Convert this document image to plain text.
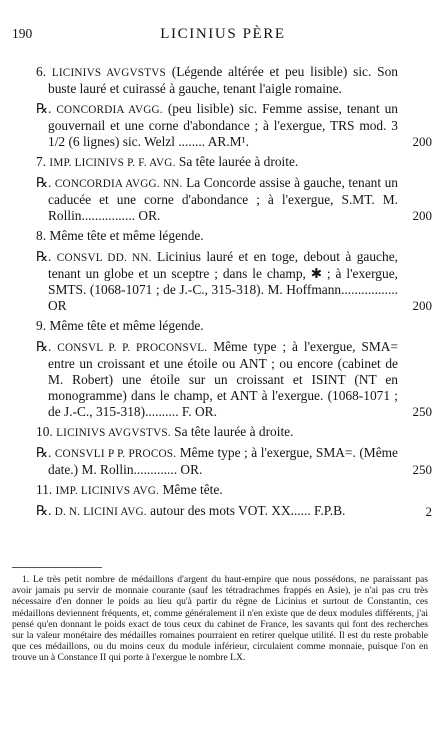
190	LICINIUS PÈRE
6. LICINIVS AVGVSTVS (Légende altérée et peu lisible) sic. Son buste lauré et cuirassé à gauche, tenant l'aigle romaine.
℞. CONCORDIA AVGG. (peu lisible) sic. Femme assise, tenant un gouvernail et une corne d'abondance ; à l'exergue, TRS mod. 3 1/2 (6 lignes) sic. Welzl ........ AR.M¹.	200
7. IMP. LICINIVS P. F. AVG. Sa tête laurée à droite.
℞. CONCORDIA AVGG. NN. La Concorde assise à gauche, tenant un caducée et une corne d'abondance ; à l'exergue, S.MT. M. Rollin................ OR.	200
8. Même tête et même légende.
℞. CONSVL DD. NN. Licinius lauré et en toge, debout à gauche, tenant un globe et un sceptre ; dans le champ, ✱ ; à l'exergue, SMTS. (1068-1071 ; de J.-C., 315-318). M. Hoffmann................. OR	200
9. Même tête et même légende.
℞. CONSVL P. P. PROCONSVL. Même type ; à l'exergue, SMA= entre un croissant et une étoile ou ANT ; ou encore (cabinet de M. Robert) une étoile sur un croissant et ISINT (NT en monogramme) dans le champ, et ANT à l'exergue. (1068-1071 ; de J.-C., 315-318).......... F. OR.	250
10. LICINIVS AVGVSTVS. Sa tête laurée à droite.
℞. CONSVLI P P. PROCOS. Même type ; à l'exergue, SMA=. (Même date.) M. Rollin............. OR.	250
11. IMP. LICINIVS AVG. Même tête.
℞. D. N. LICINI AVG. autour des mots VOT. XX...... F.P.B.	2
1. Le très petit nombre de médaillons d'argent du haut-empire que nous possédons, ne paraissant pas avoir jamais pu servir de monnaie courante (sauf les tétradrachmes frappés en Asie), je n'ai pas cru très nécessaire d'en donner le poids au lieu qu'à partir du règne de Licinius et surtout de Constantin, ces médaillons deviennent fréquents, et, comme généralement il n'en existe que de deux modules différents, j'ai pensé qu'en donnant le poids exact de tous ceux du cabinet de France, les savants qui font des recherches sur la valeur monétaire des médailles romaines pourraient en retirer quelque utilité. Il est du reste probable que ces médaillons, ou du moins ceux du module inférieur, circulaient comme monnaie, puisque l'on en trouve un à Constance II qui porte à l'exergue le nombre LX.
